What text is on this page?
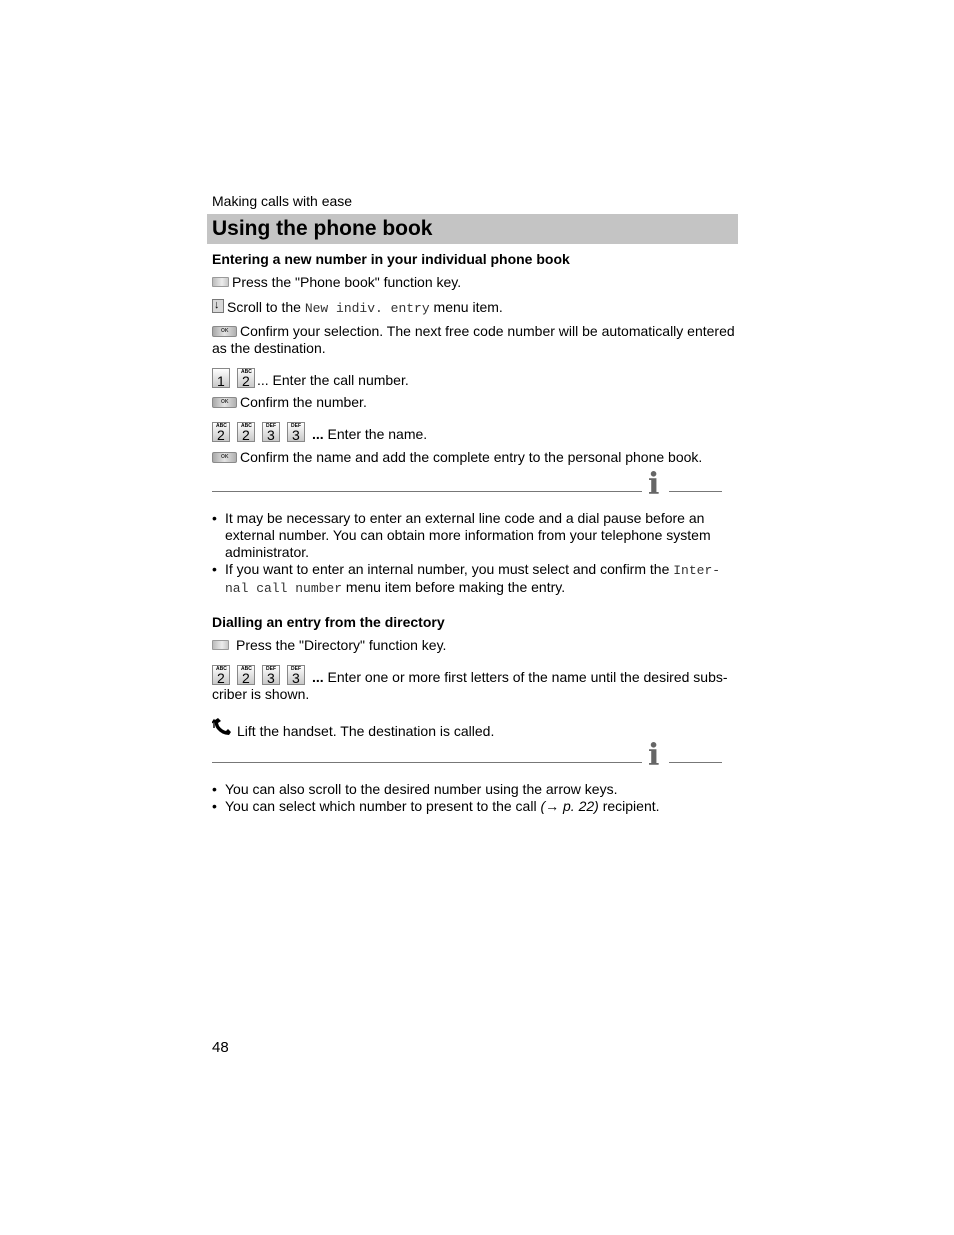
Making calls with ease
Using the phone book
Entering a new number in your individual phone book
Press the "Phone book" function key.
↓Scroll to the New indiv. entry menu item.
OKConfirm your selection. The next free code number will be automatically entered as the destination.
1
ABC
2 ... Enter the call number.
OKConfirm the number.
ABC
2
ABC
2
DEF
3
DEF
3 ... Enter the name.
OKConfirm the name and add the complete entry to the personal phone book.
i
• It may be necessary to enter an external line code and a dial pause before an external number. You can obtain more information from your telephone system administrator.
• If you want to enter an internal number, you must select and confirm the Inter-
nal call number menu item before making the entry.
Dialling an entry from the directory
Press the "Directory" function key.
ABC
2
ABC
2
DEF
3
DEF
3 ... Enter one or more first letters of the name until the desired subs-
criber is shown.
Lift the handset. The destination is called.
i
• You can also scroll to the desired number using the arrow keys.
• You can select which number to present to the call (→ p. 22) recipient.
48
